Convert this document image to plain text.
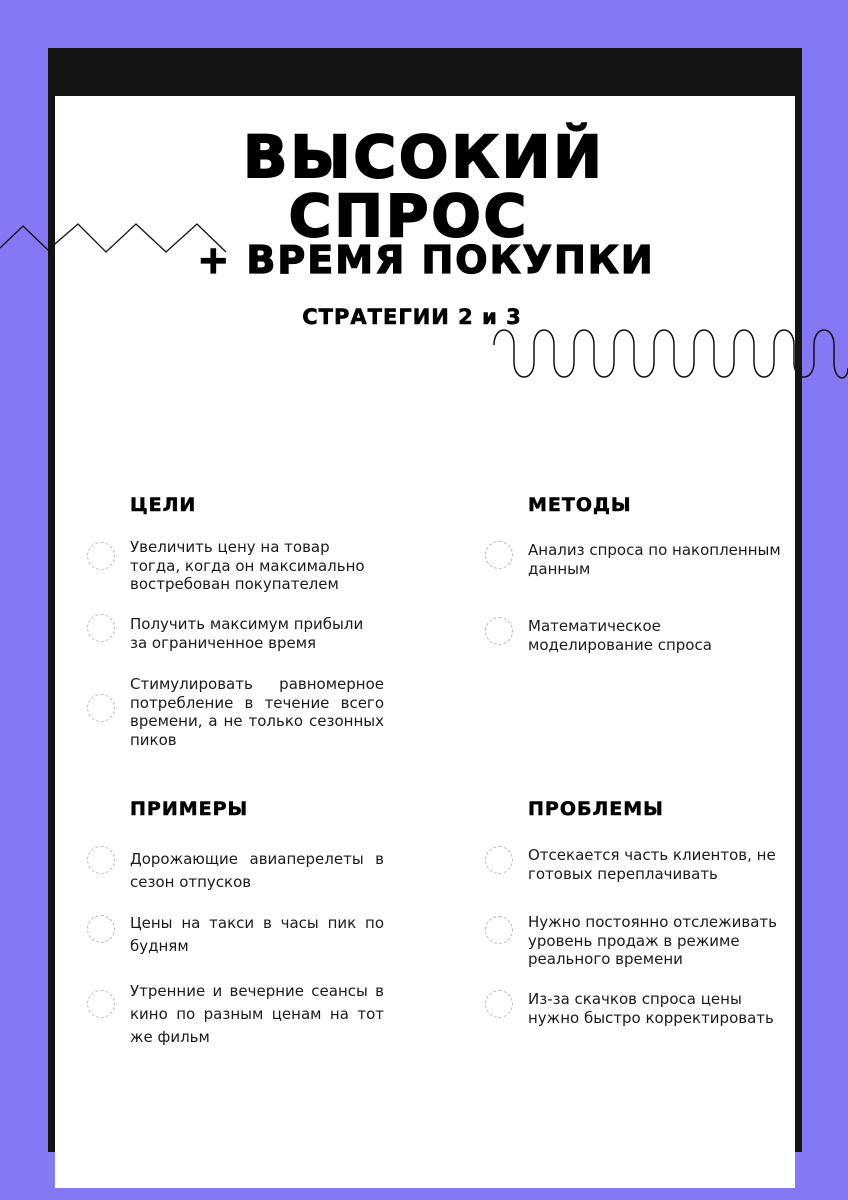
ВЫСОКИЙ
СПРОС
+ ВРЕМЯ ПОКУПКИ
СТРАТЕГИИ 2 и 3
ЦЕЛИ

Увеличить цену на товар тогда, когда он максимально востребован покупателем

Получить максимум прибыли за ограниченное время

Стимулировать равномерное потребление в течение всего времени, а не только сезонных пиков

МЕТОДЫ

Анализ спроса по накопленным данным

Математическое моделирование спроса

ПРИМЕРЫ

Дорожающие авиаперелеты в сезон отпусков

Цены на такси в часы пик по будням

Утренние и вечерние сеансы в кино по разным ценам на тот же фильм

ПРОБЛЕМЫ

Отсекается часть клиентов, не готовых переплачивать

Нужно постоянно отслеживать уровень продаж в режиме реального времени

Из-за скачков спроса цены нужно быстро корректировать
